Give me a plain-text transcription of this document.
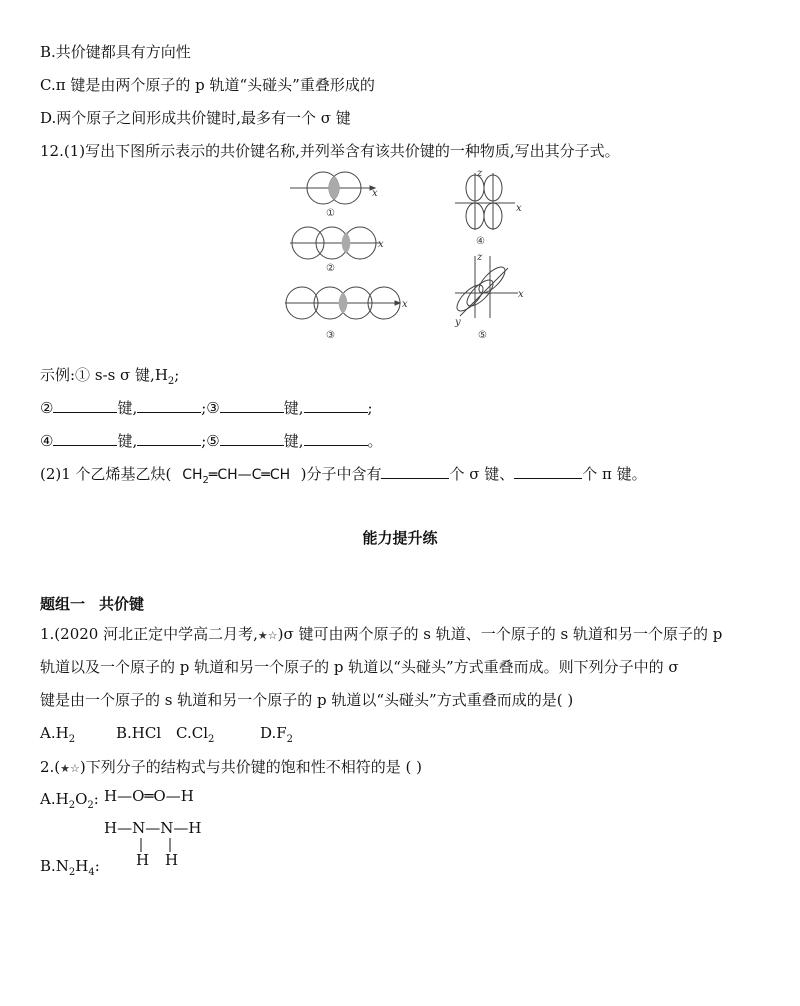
B.共价键都具有方向性
C.π 键是由两个原子的 p 轨道“头碰头”重叠形成的
D.两个原子之间形成共价键时,最多有一个 σ 键
12.(1)写出下图所示表示的共价键名称,并列举含有该共价键的一种物质,写出其分子式。
①
②
③
④
⑤
x
x
x
x
z
x
z
y
示例:① s-s σ 键$,H_2$;
②	键,	;③	键,	;
④	键,	;⑤	键,	。
(2)1 个乙烯基乙炔( $CH_2═CH—C═CH$ )分子中含有	个 σ 键、	个 π 键。
能力提升练
题组一 共价键
1.(2020 河北正定中学高二月考,★☆)σ 键可由两个原子的 s 轨道、一个原子的 s 轨道和另一个原子的 p
轨道以及一个原子的 p 轨道和另一个原子的 p 轨道以“头碰头”方式重叠而成。则下列分子中的 σ
键是由一个原子的 s 轨道和另一个原子的 p 轨道以“头碰头”方式重叠而成的是( )
$A.H_2$	B.HCl $C.Cl_2$	$D.F_2$
2.(★☆)下列分子的结构式与共价键的饱和性不相符的是 ( )
$A.H_2O_2$: H—O═O—H
H—N—N—H
H H
$B.N_2H_4$:
